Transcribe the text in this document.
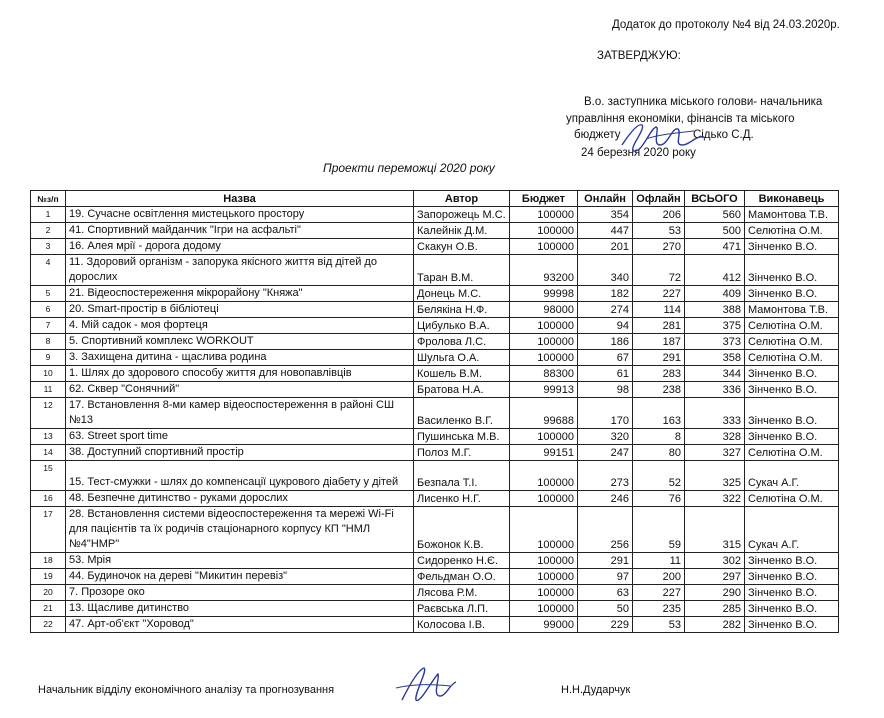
Додаток до протоколу №4 від 24.03.2020р.
ЗАТВЕРДЖУЮ:
В.о. заступника міського голови- начальника
управління економіки, фінансів та міського
бюджету	Сідько С.Д.
24 березня 2020 року
Проекти переможці 2020 року
№з/п	Назва	Автор	Бюджет	Онлайн	Офлайн	ВСЬОГО	Виконавець
1	19. Сучасне освітлення мистецького простору	Запорожець М.С.	100000	354	206	560	Мамонтова Т.В.
2	41. Спортивний майданчик "Ігри на асфальті"	Калейнік Д.М.	100000	447	53	500	Селютіна О.М.
3	16. Алея мрії - дорога додому	Скакун О.В.	100000	201	270	471	Зінченко В.О.
4	11. Здоровий організм - запорука якісного життя від дітей до дорослих	Таран В.М.	93200	340	72	412	Зінченко В.О.
5	21. Відеоспостереження мікрорайону "Княжа"	Донець М.С.	99998	182	227	409	Зінченко В.О.
6	20. Smart-простір в бібліотеці	Белякіна Н.Ф.	98000	274	114	388	Мамонтова Т.В.
7	4. Мій садок - моя фортеця	Цибулько В.А.	100000	94	281	375	Селютіна О.М.
8	5. Спортивний комплекс WORKOUT	Фролова Л.С.	100000	186	187	373	Селютіна О.М.
9	3. Захищена дитина - щаслива родина	Шульга О.А.	100000	67	291	358	Селютіна О.М.
10	1. Шлях до здорового способу життя для новопавлівців	Кошель В.М.	88300	61	283	344	Зінченко В.О.
11	62. Сквер "Сонячний"	Братова Н.А.	99913	98	238	336	Зінченко В.О.
12	17. Встановлення 8-ми камер відеоспостереження в районі СШ №13	Василенко В.Г.	99688	170	163	333	Зінченко В.О.
13	63. Street sport time	Пушинська М.В.	100000	320	8	328	Зінченко В.О.
14	38. Доступний спортивний простір	Полоз М.Г.	99151	247	80	327	Селютіна О.М.
15	15. Тест-смужки - шлях до компенсації цукрового діабету у дітей	Безпала Т.І.	100000	273	52	325	Сукач А.Г.
16	48. Безпечне дитинство - руками дорослих	Лисенко Н.Г.	100000	246	76	322	Селютіна О.М.
17	28. Встановлення системи відеоспостереження та мережі Wi-Fi для пацієнтів та їх родичів стаціонарного корпусу КП "НМЛ №4"НМР"	Божонок К.В.	100000	256	59	315	Сукач А.Г.
18	53. Мрія	Сидоренко Н.Є.	100000	291	11	302	Зінченко В.О.
19	44. Будиночок на дереві "Микитин перевіз"	Фельдман О.О.	100000	97	200	297	Зінченко В.О.
20	7. Прозоре око	Лясова Р.М.	100000	63	227	290	Зінченко В.О.
21	13. Щасливе дитинство	Раєвська Л.П.	100000	50	235	285	Зінченко В.О.
22	47. Арт-об'єкт "Хоровод"	Колосова І.В.	99000	229	53	282	Зінченко В.О.
Начальник відділу економічного аналізу та прогнозування	Н.Н.Дударчук
